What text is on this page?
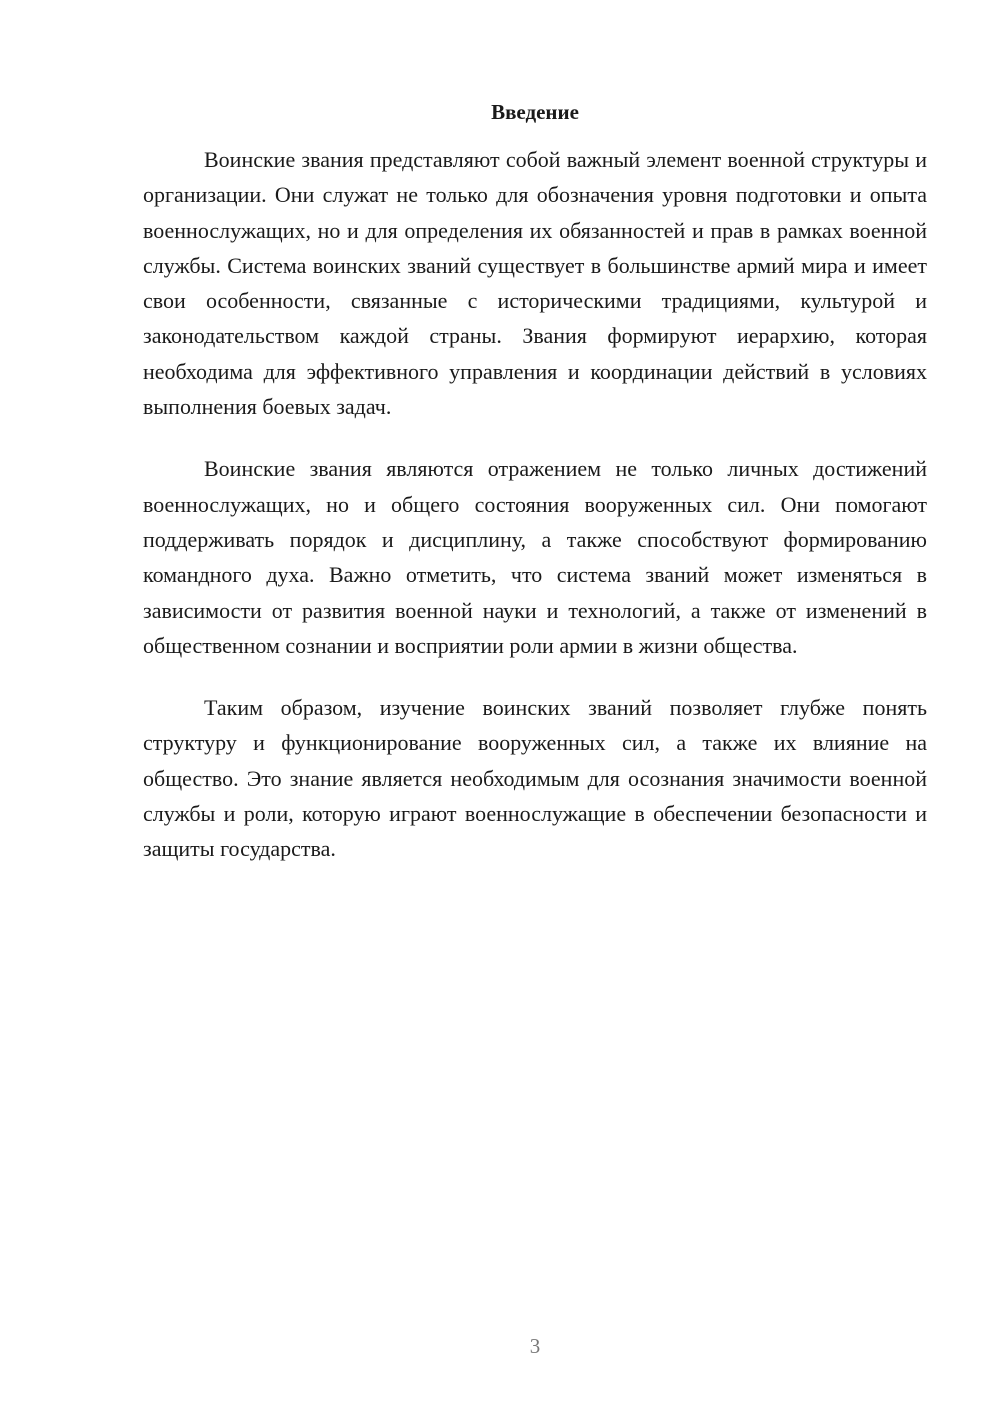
Введение

Воинские звания представляют собой важный элемент военной структуры и организации. Они служат не только для обозначения уровня подготовки и опыта военнослужащих, но и для определения их обязанностей и прав в рамках военной службы. Система воинских званий существует в большинстве армий мира и имеет свои особенности, связанные с историческими традициями, культурой и законодательством каждой страны. Звания формируют иерархию, которая необходима для эффективного управления и координации действий в условиях выполнения боевых задач.

Воинские звания являются отражением не только личных достижений военнослужащих, но и общего состояния вооруженных сил. Они помогают поддерживать порядок и дисциплину, а также способствуют формированию командного духа. Важно отметить, что система званий может изменяться в зависимости от развития военной науки и технологий, а также от изменений в общественном сознании и восприятии роли армии в жизни общества.

Таким образом, изучение воинских званий позволяет глубже понять структуру и функционирование вооруженных сил, а также их влияние на общество. Это знание является необходимым для осознания значимости военной службы и роли, которую играют военнослужащие в обеспечении безопасности и защиты государства.

3
